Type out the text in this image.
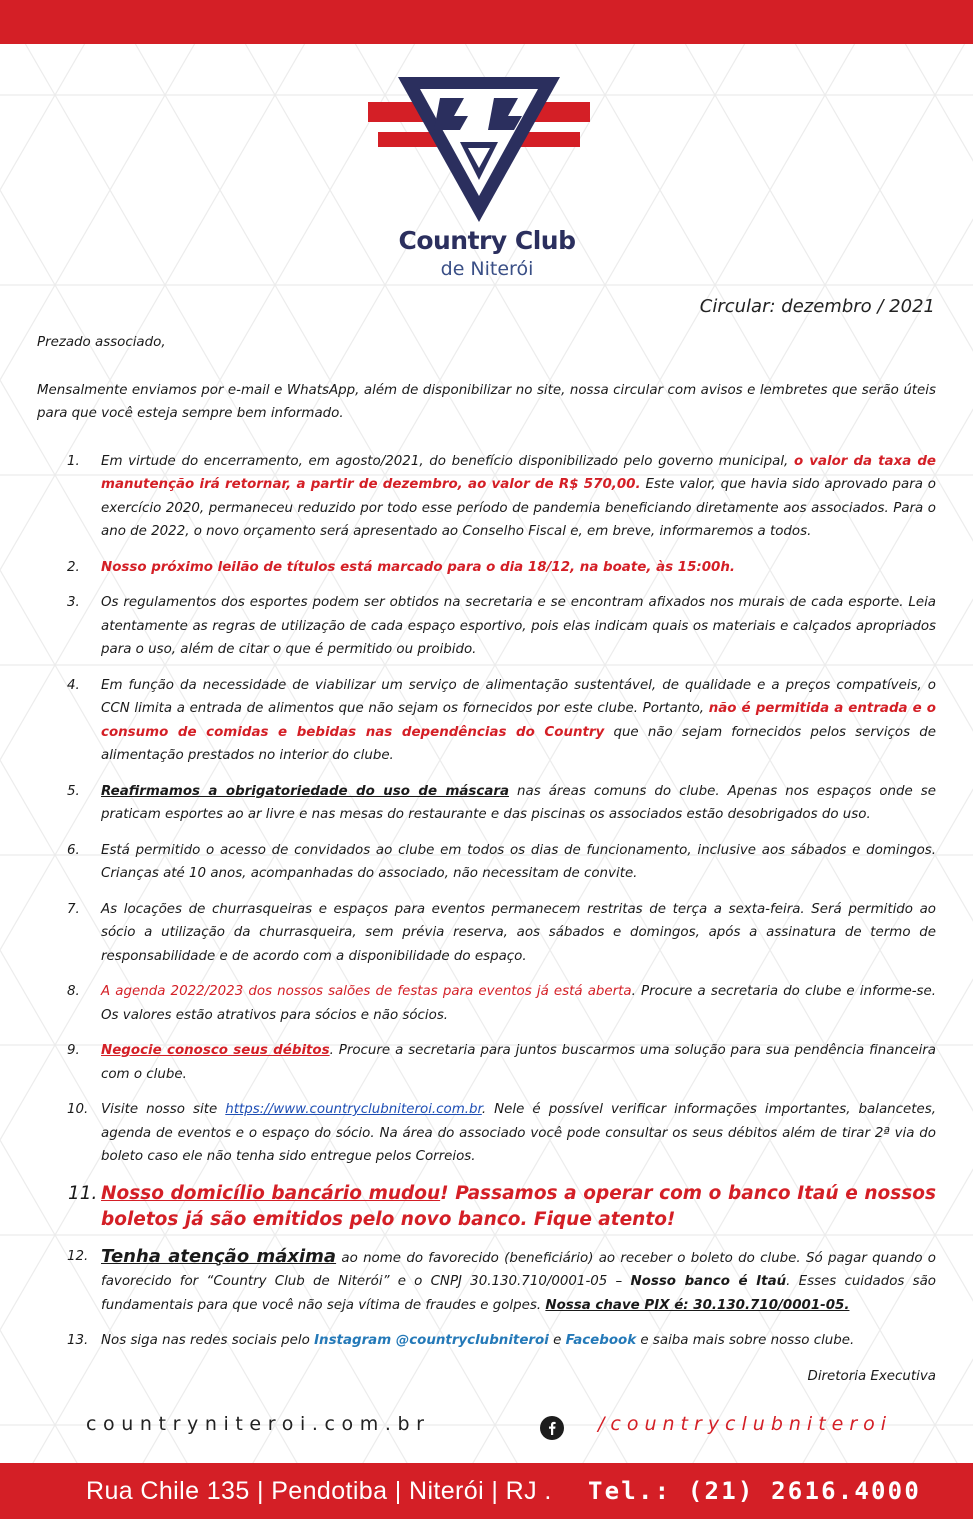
Country Club
de Niterói
Circular: dezembro / 2021

Prezado associado,

Mensalmente enviamos por e-mail e WhatsApp, além de disponibilizar no site, nossa circular com avisos e lembretes que serão úteis para que você esteja sempre bem informado.

1. Em virtude do encerramento, em agosto/2021, do benefício disponibilizado pelo governo municipal, o valor da taxa de manutenção irá retornar, a partir de dezembro, ao valor de R$ 570,00. Este valor, que havia sido aprovado para o exercício 2020, permaneceu reduzido por todo esse período de pandemia beneficiando diretamente aos associados. Para o ano de 2022, o novo orçamento será apresentado ao Conselho Fiscal e, em breve, informaremos a todos.
2. Nosso próximo leilão de títulos está marcado para o dia 18/12, na boate, às 15:00h.
3. Os regulamentos dos esportes podem ser obtidos na secretaria e se encontram afixados nos murais de cada esporte. Leia atentamente as regras de utilização de cada espaço esportivo, pois elas indicam quais os materiais e calçados apropriados para o uso, além de citar o que é permitido ou proibido.
4. Em função da necessidade de viabilizar um serviço de alimentação sustentável, de qualidade e a preços compatíveis, o CCN limita a entrada de alimentos que não sejam os fornecidos por este clube. Portanto, não é permitida a entrada e o consumo de comidas e bebidas nas dependências do Country que não sejam fornecidos pelos serviços de alimentação prestados no interior do clube.
5. Reafirmamos a obrigatoriedade do uso de máscara nas áreas comuns do clube. Apenas nos espaços onde se praticam esportes ao ar livre e nas mesas do restaurante e das piscinas os associados estão desobrigados do uso.
6. Está permitido o acesso de convidados ao clube em todos os dias de funcionamento, inclusive aos sábados e domingos. Crianças até 10 anos, acompanhadas do associado, não necessitam de convite.
7. As locações de churrasqueiras e espaços para eventos permanecem restritas de terça a sexta-feira. Será permitido ao sócio a utilização da churrasqueira, sem prévia reserva, aos sábados e domingos, após a assinatura de termo de responsabilidade e de acordo com a disponibilidade do espaço.
8. A agenda 2022/2023 dos nossos salões de festas para eventos já está aberta. Procure a secretaria do clube e informe-se. Os valores estão atrativos para sócios e não sócios.
9. Negocie conosco seus débitos. Procure a secretaria para juntos buscarmos uma solução para sua pendência financeira com o clube.
10. Visite nosso site https://www.countryclubniteroi.com.br. Nele é possível verificar informações importantes, balancetes, agenda de eventos e o espaço do sócio. Na área do associado você pode consultar os seus débitos além de tirar 2ª via do boleto caso ele não tenha sido entregue pelos Correios.
11. Nosso domicílio bancário mudou! Passamos a operar com o banco Itaú e nossos boletos já são emitidos pelo novo banco. Fique atento!
12. Tenha atenção máxima ao nome do favorecido (beneficiário) ao receber o boleto do clube. Só pagar quando o favorecido for “Country Club de Niterói” e o CNPJ 30.130.710/0001-05 – Nosso banco é Itaú. Esses cuidados são fundamentais para que você não seja vítima de fraudes e golpes. Nossa chave PIX é: 30.130.710/0001-05.
13. Nos siga nas redes sociais pelo Instagram @countryclubniteroi e Facebook e saiba mais sobre nosso clube.

Diretoria Executiva

countryniteroi.com.br	/countryclubniteroi
Rua Chile 135 | Pendotiba | Niterói | RJ . Tel.: (21) 2616.4000
